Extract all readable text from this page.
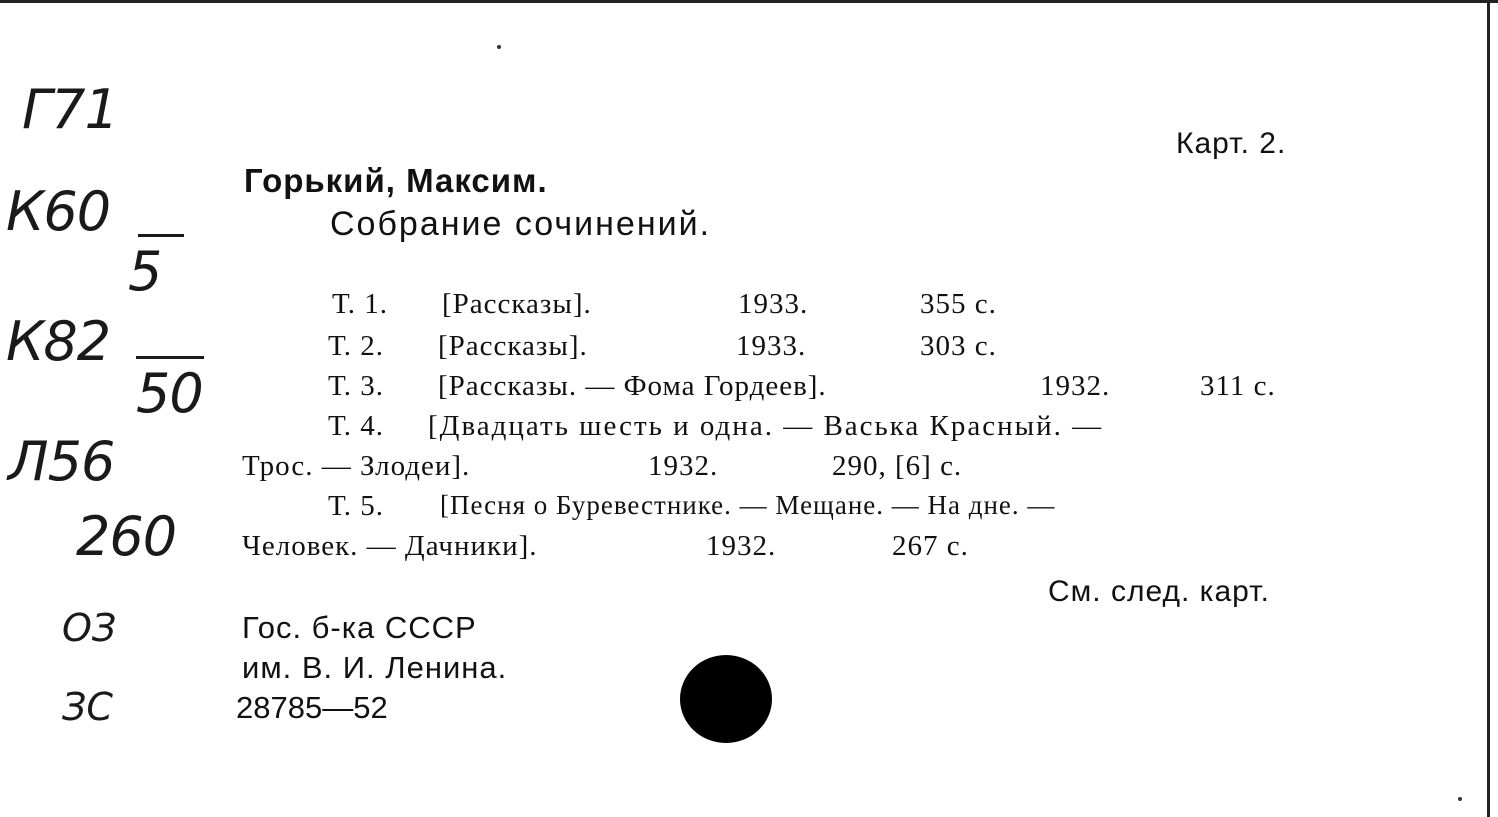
Г71
К60
5
К82
50
Л56
260
ОЗ
ЗС
Карт. 2.
Горький, Максим.
Собрание сочинений.
Т. 1. [Рассказы].	1933.	355 с.
Т. 2. [Рассказы].	1933.	303 с.
Т. 3. [Рассказы. — Фома Гордеев].	1932.	311 с.
Т. 4. [Двадцать шесть и одна. — Васька Красный. —
Трос. — Злодеи].	1932.	290, [6] с.
Т. 5. [Песня о Буревестнике. — Мещане. — На дне. —
Человек. — Дачники].	1932.	267 с.
См. след. карт.
Гос. б-ка СССР
им. В. И. Ленина.
28785—52
